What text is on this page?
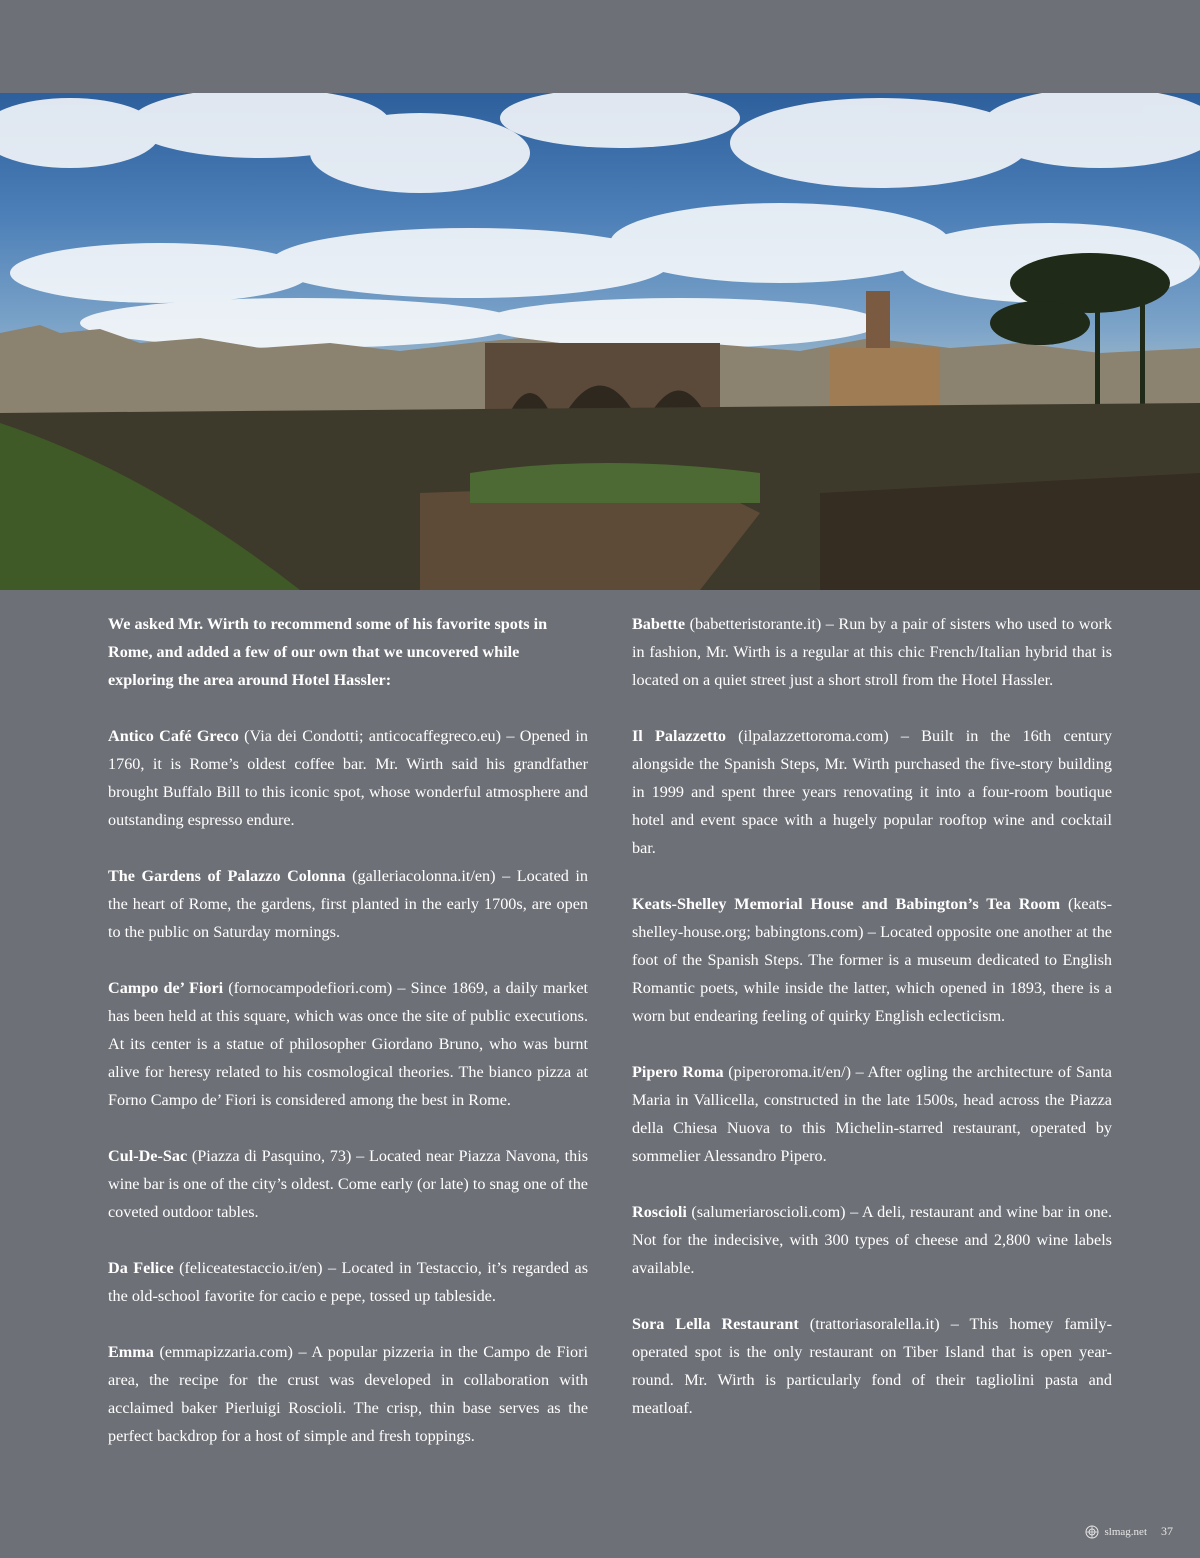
We asked Mr. Wirth to recommend some of his favorite spots in Rome, and added a few of our own that we uncovered while exploring the area around Hotel Hassler:

Antico Café Greco (Via dei Condotti; anticocaffegreco.eu) – Opened in 1760, it is Rome’s oldest coffee bar. Mr. Wirth said his grandfather brought Buffalo Bill to this iconic spot, whose wonderful atmosphere and outstanding espresso endure.

The Gardens of Palazzo Colonna (galleriacolonna.it/en) – Located in the heart of Rome, the gardens, first planted in the early 1700s, are open to the public on Saturday mornings.

Campo de’ Fiori (fornocampodefiori.com) – Since 1869, a daily market has been held at this square, which was once the site of public executions. At its center is a statue of philosopher Giordano Bruno, who was burnt alive for heresy related to his cosmological theories. The bianco pizza at Forno Campo de’ Fiori is considered among the best in Rome.

Cul-De-Sac (Piazza di Pasquino, 73) – Located near Piazza Navona, this wine bar is one of the city’s oldest. Come early (or late) to snag one of the coveted outdoor tables.

Da Felice (feliceatestaccio.it/en) – Located in Testaccio, it’s regarded as the old-school favorite for cacio e pepe, tossed up tableside.

Emma (emmapizzaria.com) – A popular pizzeria in the Campo de Fiori area, the recipe for the crust was developed in collaboration with acclaimed baker Pierluigi Roscioli. The crisp, thin base serves as the perfect backdrop for a host of simple and fresh toppings.

Babette (babetteristorante.it) – Run by a pair of sisters who used to work in fashion, Mr. Wirth is a regular at this chic French/Italian hybrid that is located on a quiet street just a short stroll from the Hotel Hassler.

Il Palazzetto (ilpalazzettoroma.com) – Built in the 16th century alongside the Spanish Steps, Mr. Wirth purchased the five-story building in 1999 and spent three years renovating it into a four-room boutique hotel and event space with a hugely popular rooftop wine and cocktail bar.

Keats-Shelley Memorial House and Babington’s Tea Room (keats-shelley-house.org; babingtons.com) – Located opposite one another at the foot of the Spanish Steps. The former is a museum dedicated to English Romantic poets, while inside the latter, which opened in 1893, there is a worn but endearing feeling of quirky English eclecticism.

Pipero Roma (piperoroma.it/en/) – After ogling the architecture of Santa Maria in Vallicella, constructed in the late 1500s, head across the Piazza della Chiesa Nuova to this Michelin-starred restaurant, operated by sommelier Alessandro Pipero.

Roscioli (salumeriaroscioli.com) – A deli, restaurant and wine bar in one. Not for the indecisive, with 300 types of cheese and 2,800 wine labels available.

Sora Lella Restaurant (trattoriasoralella.it) – This homey family-operated spot is the only restaurant on Tiber Island that is open year-round. Mr. Wirth is particularly fond of their tagliolini pasta and meatloaf.

slmag.net 37
